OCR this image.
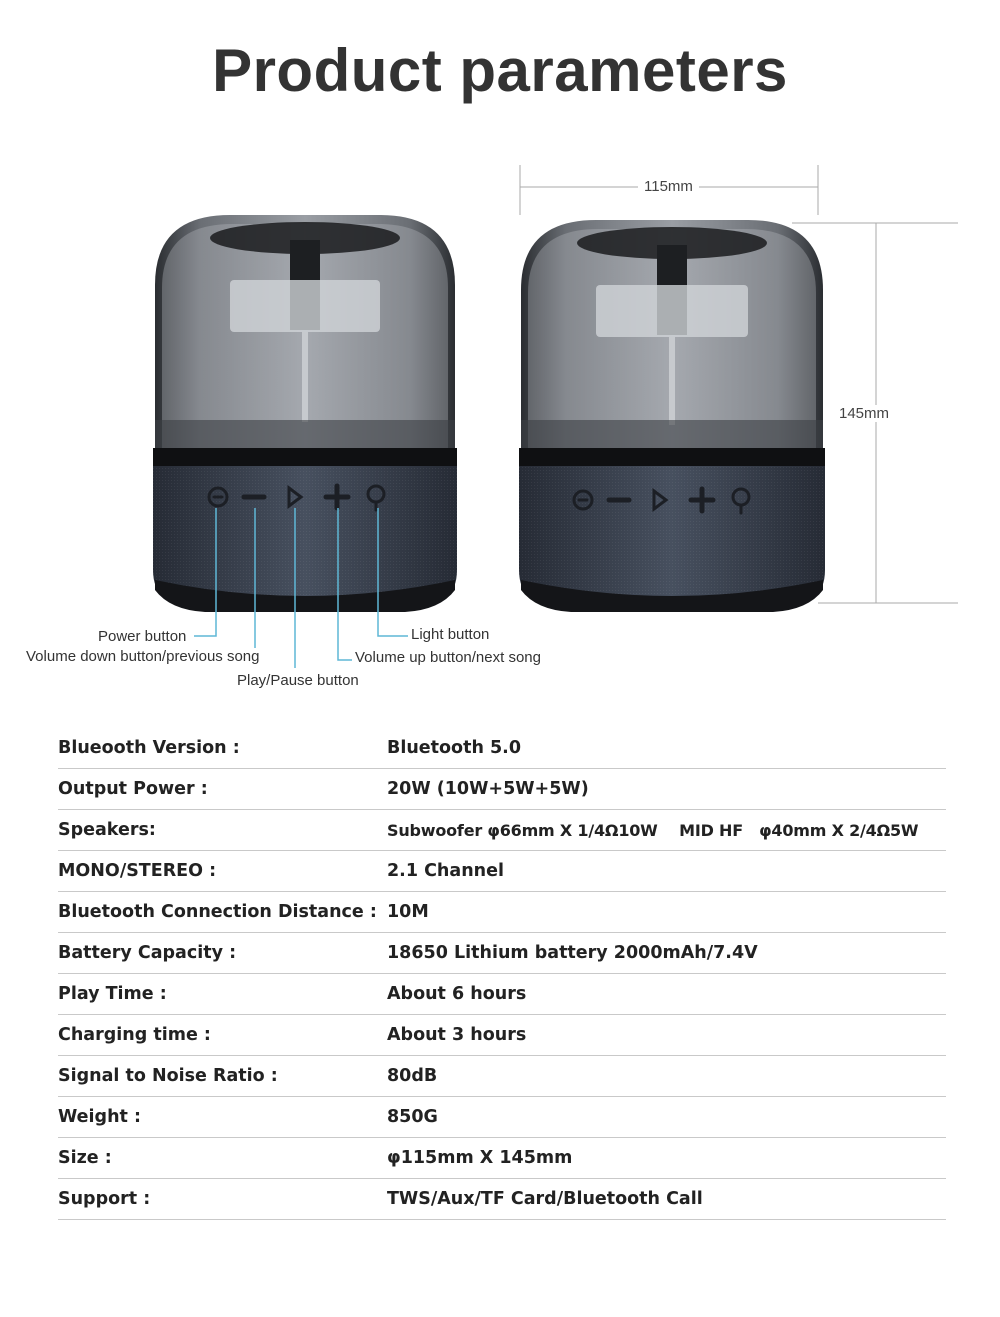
Product parameters
115mm
145mm
Power button
Volume down button/previous song
Play/Pause button
Light button
Volume up button/next song
Blueooth Version :	Bluetooth 5.0
Output Power :	20W (10W+5W+5W)
Speakers:	Subwoofer φ66mm X 1/4Ω10W    MID HF   φ40mm X 2/4Ω5W
MONO/STEREO :	2.1 Channel
Bluetooth Connection Distance : 10M
Battery Capacity :	18650 Lithium battery 2000mAh/7.4V
Play Time :	About 6 hours
Charging time :	About 3 hours
Signal to Noise Ratio :	80dB
Weight :	850G
Size :	φ115mm X 145mm
Support :	TWS/Aux/TF Card/Bluetooth Call
